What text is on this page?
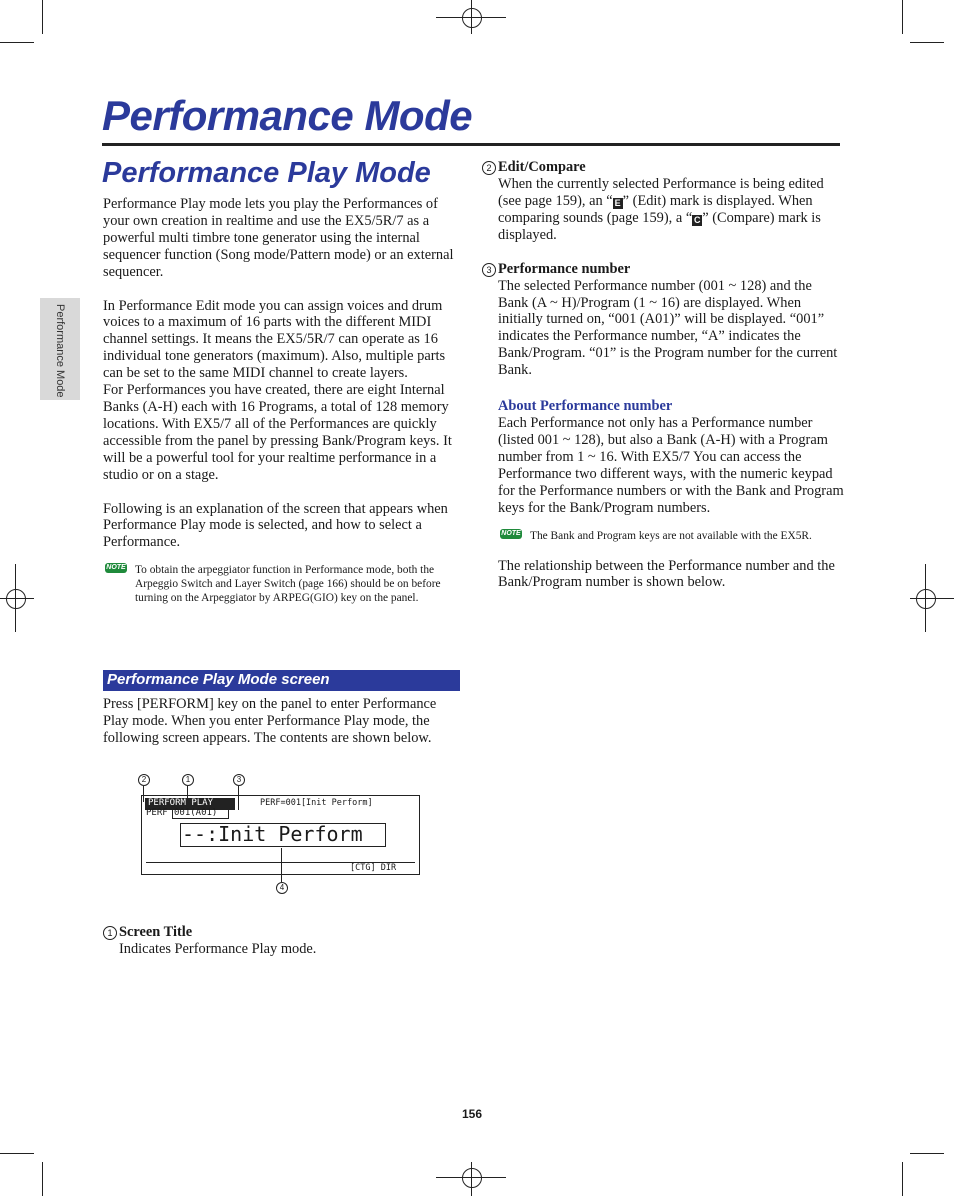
Performance Mode
Performance Mode
Performance Play Mode

Performance Play mode lets you play the Performances of your own creation in realtime and use the EX5/5R/7 as a powerful multi timbre tone generator using the internal sequencer function (Song mode/Pattern mode) or an external sequencer.

In Performance Edit mode you can assign voices and drum voices to a maximum of 16 parts with the different MIDI channel settings. It means the EX5/5R/7 can operate as 16 individual tone generators (maximum). Also, multiple parts can be set to the same MIDI channel to create layers.

For Performances you have created, there are eight Internal Banks (A-H) each with 16 Programs, a total of 128 memory locations. With EX5/7 all of the Performances are quickly accessible from the panel by pressing Bank/Program keys. It will be a powerful tool for your realtime performance in a studio or on a stage.

Following is an explanation of the screen that appears when Performance Play mode is selected, and how to select a Performance.

NOTE To obtain the arpeggiator function in Performance mode, both the Arpeggio Switch and Layer Switch (page 166) should be on before turning on the Arpeggiator by ARPEG(GIO) key on the panel.
Performance Play Mode screen

Press [PERFORM] key on the panel to enter Performance Play mode. When you enter Performance Play mode, the following screen appears. The contents are shown below.

2	1	3
4
PERFORM PLAY	PERF=001[Init Perform]
PERF 001(A01)
--:Init Perform
[CTG] DIR
1 Screen Title

Indicates Performance Play mode.

2 Edit/Compare

When the currently selected Performance is being edited (see page 159), an “ E ” (Edit) mark is displayed. When comparing sounds (page 159), a “ C ” (Compare) mark is displayed.

3 Performance number

The selected Performance number (001 ~ 128) and the Bank (A ~ H)/Program (1 ~ 16) are displayed. When initially turned on, “001 (A01)” will be displayed. “001” indicates the Performance number, “A” indicates the Bank/Program. “01” is the Program number for the current Bank.

About Performance number

Each Performance not only has a Performance number (listed 001 ~ 128), but also a Bank (A-H) with a Program number from 1 ~ 16. With EX5/7 You can access the Performance two different ways, with the numeric keypad for the Performance numbers or with the Bank and Program keys for the Bank/Program numbers.

NOTE The Bank and Program keys are not available with the EX5R.

The relationship between the Performance number and the Bank/Program number is shown below.

156
